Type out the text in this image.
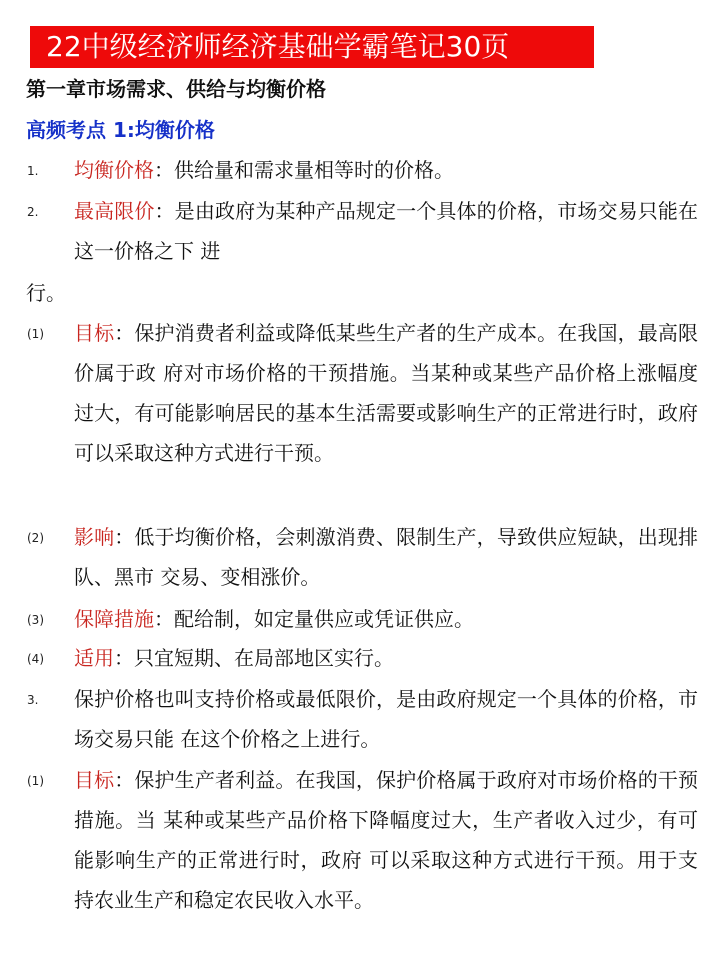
22中级经济师经济基础学霸笔记30页
第一章市场需求、供给与均衡价格
高频考点 1:均衡价格
1.	均衡价格：供给量和需求量相等时的价格。
2.	最高限价：是由政府为某种产品规定一个具体的价格，市场交易只能在这一价格之下 进
行。
(1)	目标：保护消费者利益或降低某些生产者的生产成本。在我国，最高限价属于政 府对市场价格的干预措施。当某种或某些产品价格上涨幅度过大，有可能影响居民的基本生活需要或影响生产的正常进行时，政府可以采取这种方式进行干预。
(2)	影响：低于均衡价格，会刺激消费、限制生产，导致供应短缺，出现排队、黑市 交易、变相涨价。
(3)	保障措施：配给制，如定量供应或凭证供应。
(4)	适用：只宜短期、在局部地区实行。
3.	保护价格也叫支持价格或最低限价，是由政府规定一个具体的价格，市场交易只能 在这个价格之上进行。
(1)	目标：保护生产者利益。在我国，保护价格属于政府对市场价格的干预措施。当 某种或某些产品价格下降幅度过大，生产者收入过少，有可能影响生产的正常进行时，政府 可以采取这种方式进行干预。用于支持农业生产和稳定农民收入水平。
